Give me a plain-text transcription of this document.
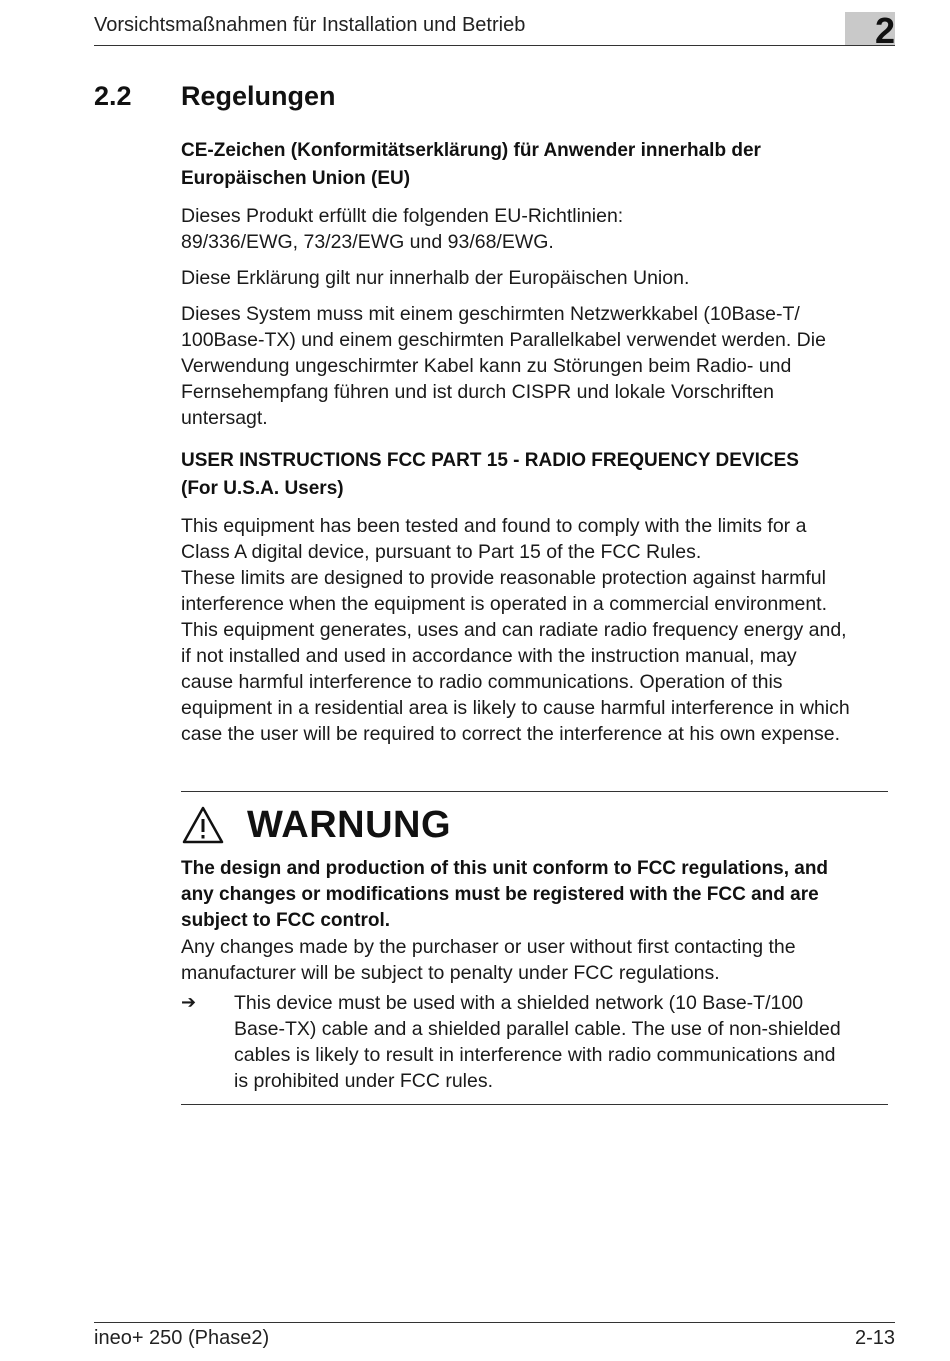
Vorsichtsmaßnahmen für Installation und Betrieb	2
2.2 Regelungen
CE-Zeichen (Konformitätserklärung) für Anwender innerhalb der
Europäischen Union (EU)
Dieses Produkt erfüllt die folgenden EU-Richtlinien:
89/336/EWG, 73/23/EWG und 93/68/EWG.
Diese Erklärung gilt nur innerhalb der Europäischen Union.
Dieses System muss mit einem geschirmten Netzwerkkabel (10Base-T/
100Base-TX) und einem geschirmten Parallelkabel verwendet werden. Die
Verwendung ungeschirmter Kabel kann zu Störungen beim Radio- und
Fernsehempfang führen und ist durch CISPR und lokale Vorschriften
untersagt.
USER INSTRUCTIONS FCC PART 15 - RADIO FREQUENCY DEVICES
(For U.S.A. Users)
This equipment has been tested and found to comply with the limits for a
Class A digital device, pursuant to Part 15 of the FCC Rules.
These limits are designed to provide reasonable protection against harmful
interference when the equipment is operated in a commercial environment.
This equipment generates, uses and can radiate radio frequency energy and,
if not installed and used in accordance with the instruction manual, may
cause harmful interference to radio communications. Operation of this
equipment in a residential area is likely to cause harmful interference in which
case the user will be required to correct the interference at his own expense.
WARNUNG
The design and production of this unit conform to FCC regulations, and
any changes or modifications must be registered with the FCC and are
subject to FCC control.
Any changes made by the purchaser or user without first contacting the
manufacturer will be subject to penalty under FCC regulations.
➔ This device must be used with a shielded network (10 Base-T/100
Base-TX) cable and a shielded parallel cable. The use of non-shielded
cables is likely to result in interference with radio communications and
is prohibited under FCC rules.
ineo+ 250 (Phase2)	2-13
